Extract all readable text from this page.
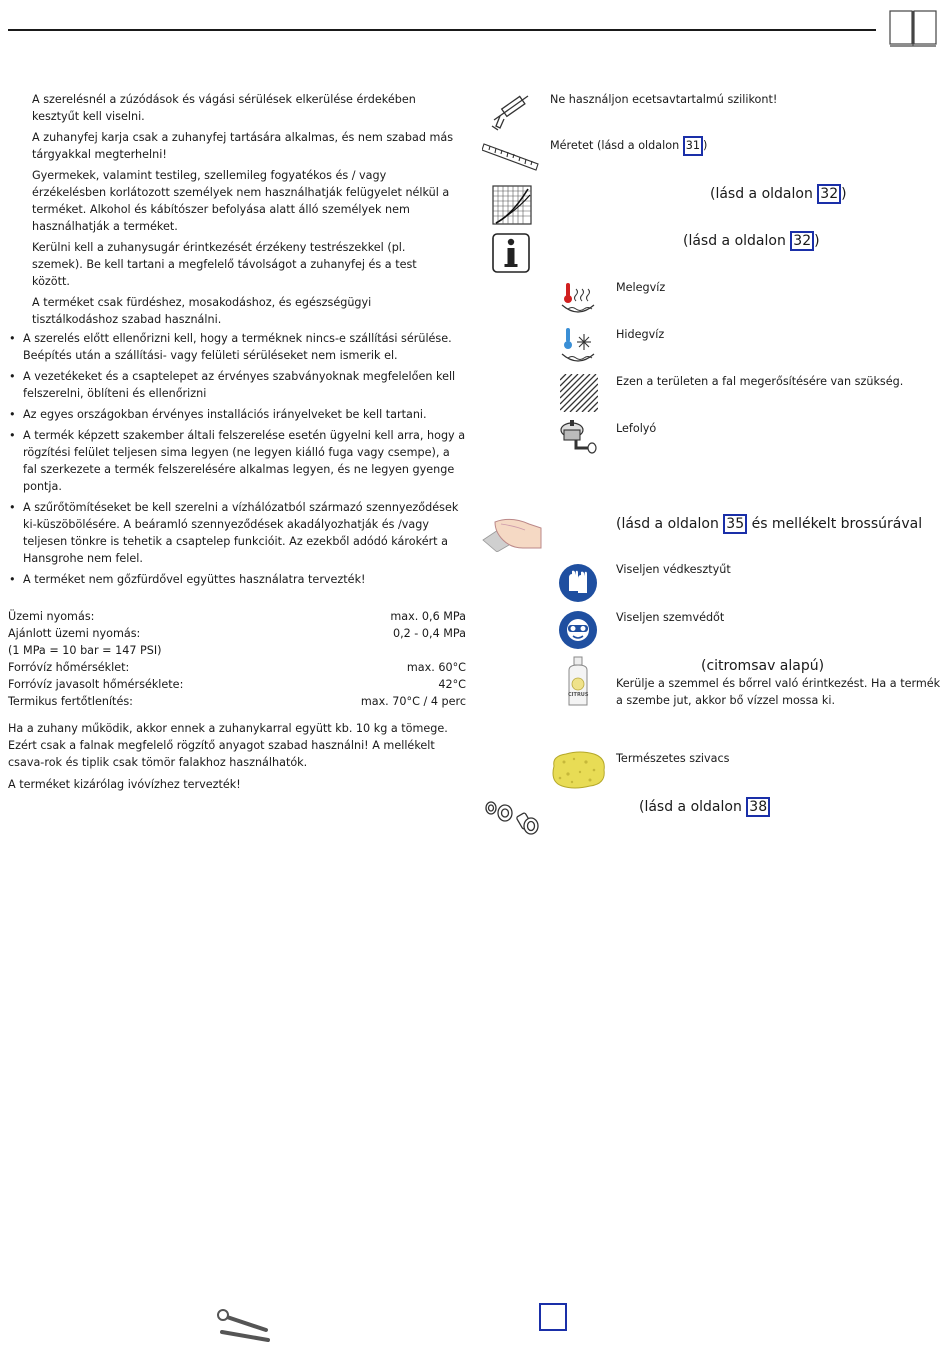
A szerelésnél a zúzódások és vágási sérülések elkerülése érdekében kesztyűt kell viselni.

A zuhanyfej karja csak a zuhanyfej tartására alkalmas, és nem szabad más tárgyakkal megterhelni!

Gyermekek, valamint testileg, szellemileg fogyatékos és / vagy érzékelésben korlátozott személyek nem használhatják felügyelet nélkül a terméket. Alkohol és kábítószer befolyása alatt álló személyek nem használhatják a terméket.

Kerülni kell a zuhanysugár érintkezését érzékeny testrészekkel (pl. szemek). Be kell tartani a megfelelő távolságot a zuhanyfej és a test között.

A terméket csak fürdéshez, mosakodáshoz, és egészségügyi tisztálkodáshoz szabad használni.

• A szerelés előtt ellenőrizni kell, hogy a terméknek nincs-e szállítási sérülése. Beépítés után a szállítási- vagy felületi sérüléseket nem ismerik el.
• A vezetékeket és a csaptelepet az érvényes szabványoknak megfelelően kell felszerelni, öblíteni és ellenőrizni
• Az egyes országokban érvényes installációs irányelveket be kell tartani.
• A termék képzett szakember általi felszerelése esetén ügyelni kell arra, hogy a rögzítési felület teljesen sima legyen (ne legyen kiálló fuga vagy csempe), a fal szerkezete a termék felszerelésére alkalmas legyen, és ne legyen gyenge pontja.
• A szűrőtömítéseket be kell szerelni a vízhálózatból származó szennyeződések ki-küszöbölésére. A beáramló szennyeződések akadályozhatják és /vagy teljesen tönkre is tehetik a csaptelep funkcióit. Az ezekből adódó károkért a Hansgrohe nem felel.
• A terméket nem gőzfürdővel együttes használatra tervezték!
Üzemi nyomás:	max. 0,6 MPa
Ajánlott üzemi nyomás:	0,2 - 0,4 MPa
(1 MPa = 10 bar = 147 PSI)
Forróvíz hőmérséklet:	max. 60°C
Forróvíz javasolt hőmérséklete:	42°C
Termikus fertőtlenítés:	max. 70°C / 4 perc
Ha a zuhany működik, akkor ennek a zuhanykarral együtt kb. 10 kg a tömege. Ezért csak a falnak megfelelő rögzítő anyagot szabad használni! A mellékelt csava-rok és tiplik csak tömör falakhoz használhatók.
A terméket kizárólag ivóvízhez tervezték!
Ne használjon ecetsavtartalmú szilikont!
Méretet (lásd a oldalon 31 )
(lásd a oldalon 32 )
(lásd a oldalon 32 )
Melegvíz
Hidegvíz
Ezen a területen a fal megerősítésére van szükség.
Lefolyó
(lásd a oldalon 35 és mellékelt brossúrával
Viseljen védkesztyűt
Viseljen szemvédőt
CITRUS
(citromsav alapú)
Kerülje a szemmel és bőrrel való érintkezést. Ha a termék a szembe jut, akkor bő vízzel mossa ki.
Természetes szivacs
(lásd a oldalon 38
